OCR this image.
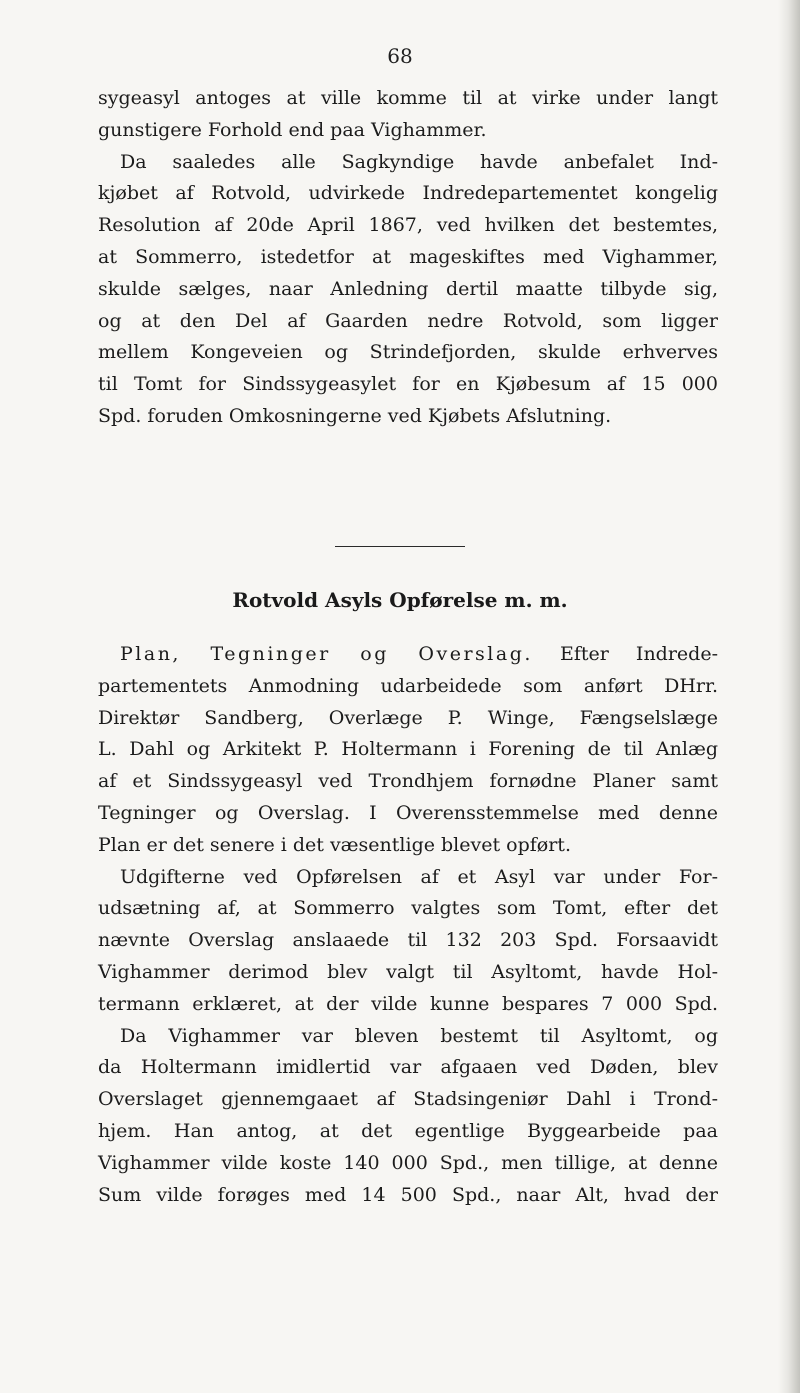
68

sygeasyl antoges at ville komme til at virke under langt
gunstigere Forhold end paa Vighammer.
Da saaledes alle Sagkyndige havde anbefalet Ind-
kjøbet af Rotvold, udvirkede Indredepartementet kongelig
Resolution af 20de April 1867, ved hvilken det bestemtes,
at Sommerro, istedetfor at mageskiftes med Vighammer,
skulde sælges, naar Anledning dertil maatte tilbyde sig,
og at den Del af Gaarden nedre Rotvold, som ligger
mellem Kongeveien og Strindefjorden, skulde erhverves
til Tomt for Sindssygeasylet for en Kjøbesum af 15 000
Spd. foruden Omkosningerne ved Kjøbets Afslutning.
Rotvold Asyls Opførelse m. m.
Plan, Tegninger og Overslag. Efter Indrede-
partementets Anmodning udarbeidede som anført DHrr.
Direktør Sandberg, Overlæge P. Winge, Fængselslæge
L. Dahl og Arkitekt P. Holtermann i Forening de til Anlæg
af et Sindssygeasyl ved Trondhjem fornødne Planer samt
Tegninger og Overslag. I Overensstemmelse med denne
Plan er det senere i det væsentlige blevet opført.
Udgifterne ved Opførelsen af et Asyl var under For-
udsætning af, at Sommerro valgtes som Tomt, efter det
nævnte Overslag anslaaede til 132 203 Spd. Forsaavidt
Vighammer derimod blev valgt til Asyltomt, havde Hol-
termann erklæret, at der vilde kunne bespares 7 000 Spd.
Da Vighammer var bleven bestemt til Asyltomt, og
da Holtermann imidlertid var afgaaen ved Døden, blev
Overslaget gjennemgaaet af Stadsingeniør Dahl i Trond-
hjem. Han antog, at det egentlige Byggearbeide paa
Vighammer vilde koste 140 000 Spd., men tillige, at denne
Sum vilde forøges med 14 500 Spd., naar Alt, hvad der
